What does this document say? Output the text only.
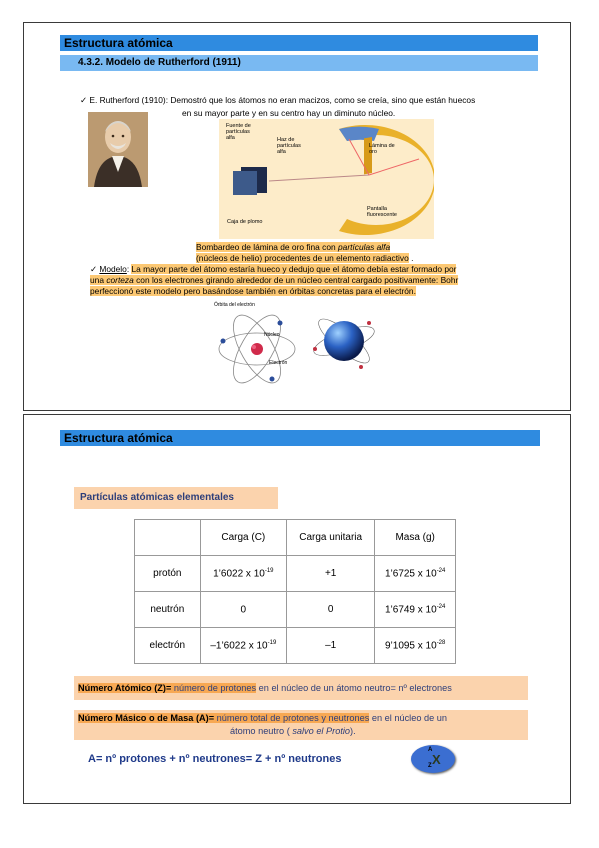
Estructura atómica
4.3.2. Modelo de Rutherford (1911)
✓ E. Rutherford (1910): Demostró que los átomos no eran macizos, como se creía, sino que están huecos
en su mayor parte y en su centro hay un diminuto núcleo.
Fuente de
partículas
alfa	Haz de
partículas
alfa
Lámina de
oro
Pantalla
fluorescente
Caja de plomo
Bombardeo de lámina de oro fina con partículas alfa
(núcleos de helio) procedentes de un elemento radiactivo .
✓ Modelo: La mayor parte del átomo estaría hueco y dedujo que el átomo debía estar formado por
una corteza con los electrones girando alrededor de un núcleo central cargado positivamente: Bohr
perfeccionó este modelo pero basándose también en órbitas concretas para el electrón.
Órbita del electrón
Núcleo
Electrón
Estructura atómica
Partículas atómicas elementales
	Carga (C)	Carga unitaria	Masa (g)
protón	1’6022 x $10^{-19}$	+1	1’6725 x $10^{-24}$
neutrón	0	0	1’6749 x $10^{-24}$
electrón	–1’6022 x $10^{-19}$	–1	9’1095 x $10^{-28}$
Número Atómico (Z)= número de protones en el núcleo de un átomo neutro= nº electrones
Número Másico o de Masa (A)= número total de protones y neutrones en el núcleo de un
átomo neutro ( salvo el Protio).
A= nº protones + nº neutrones= Z + nº neutrones
A
Z X
